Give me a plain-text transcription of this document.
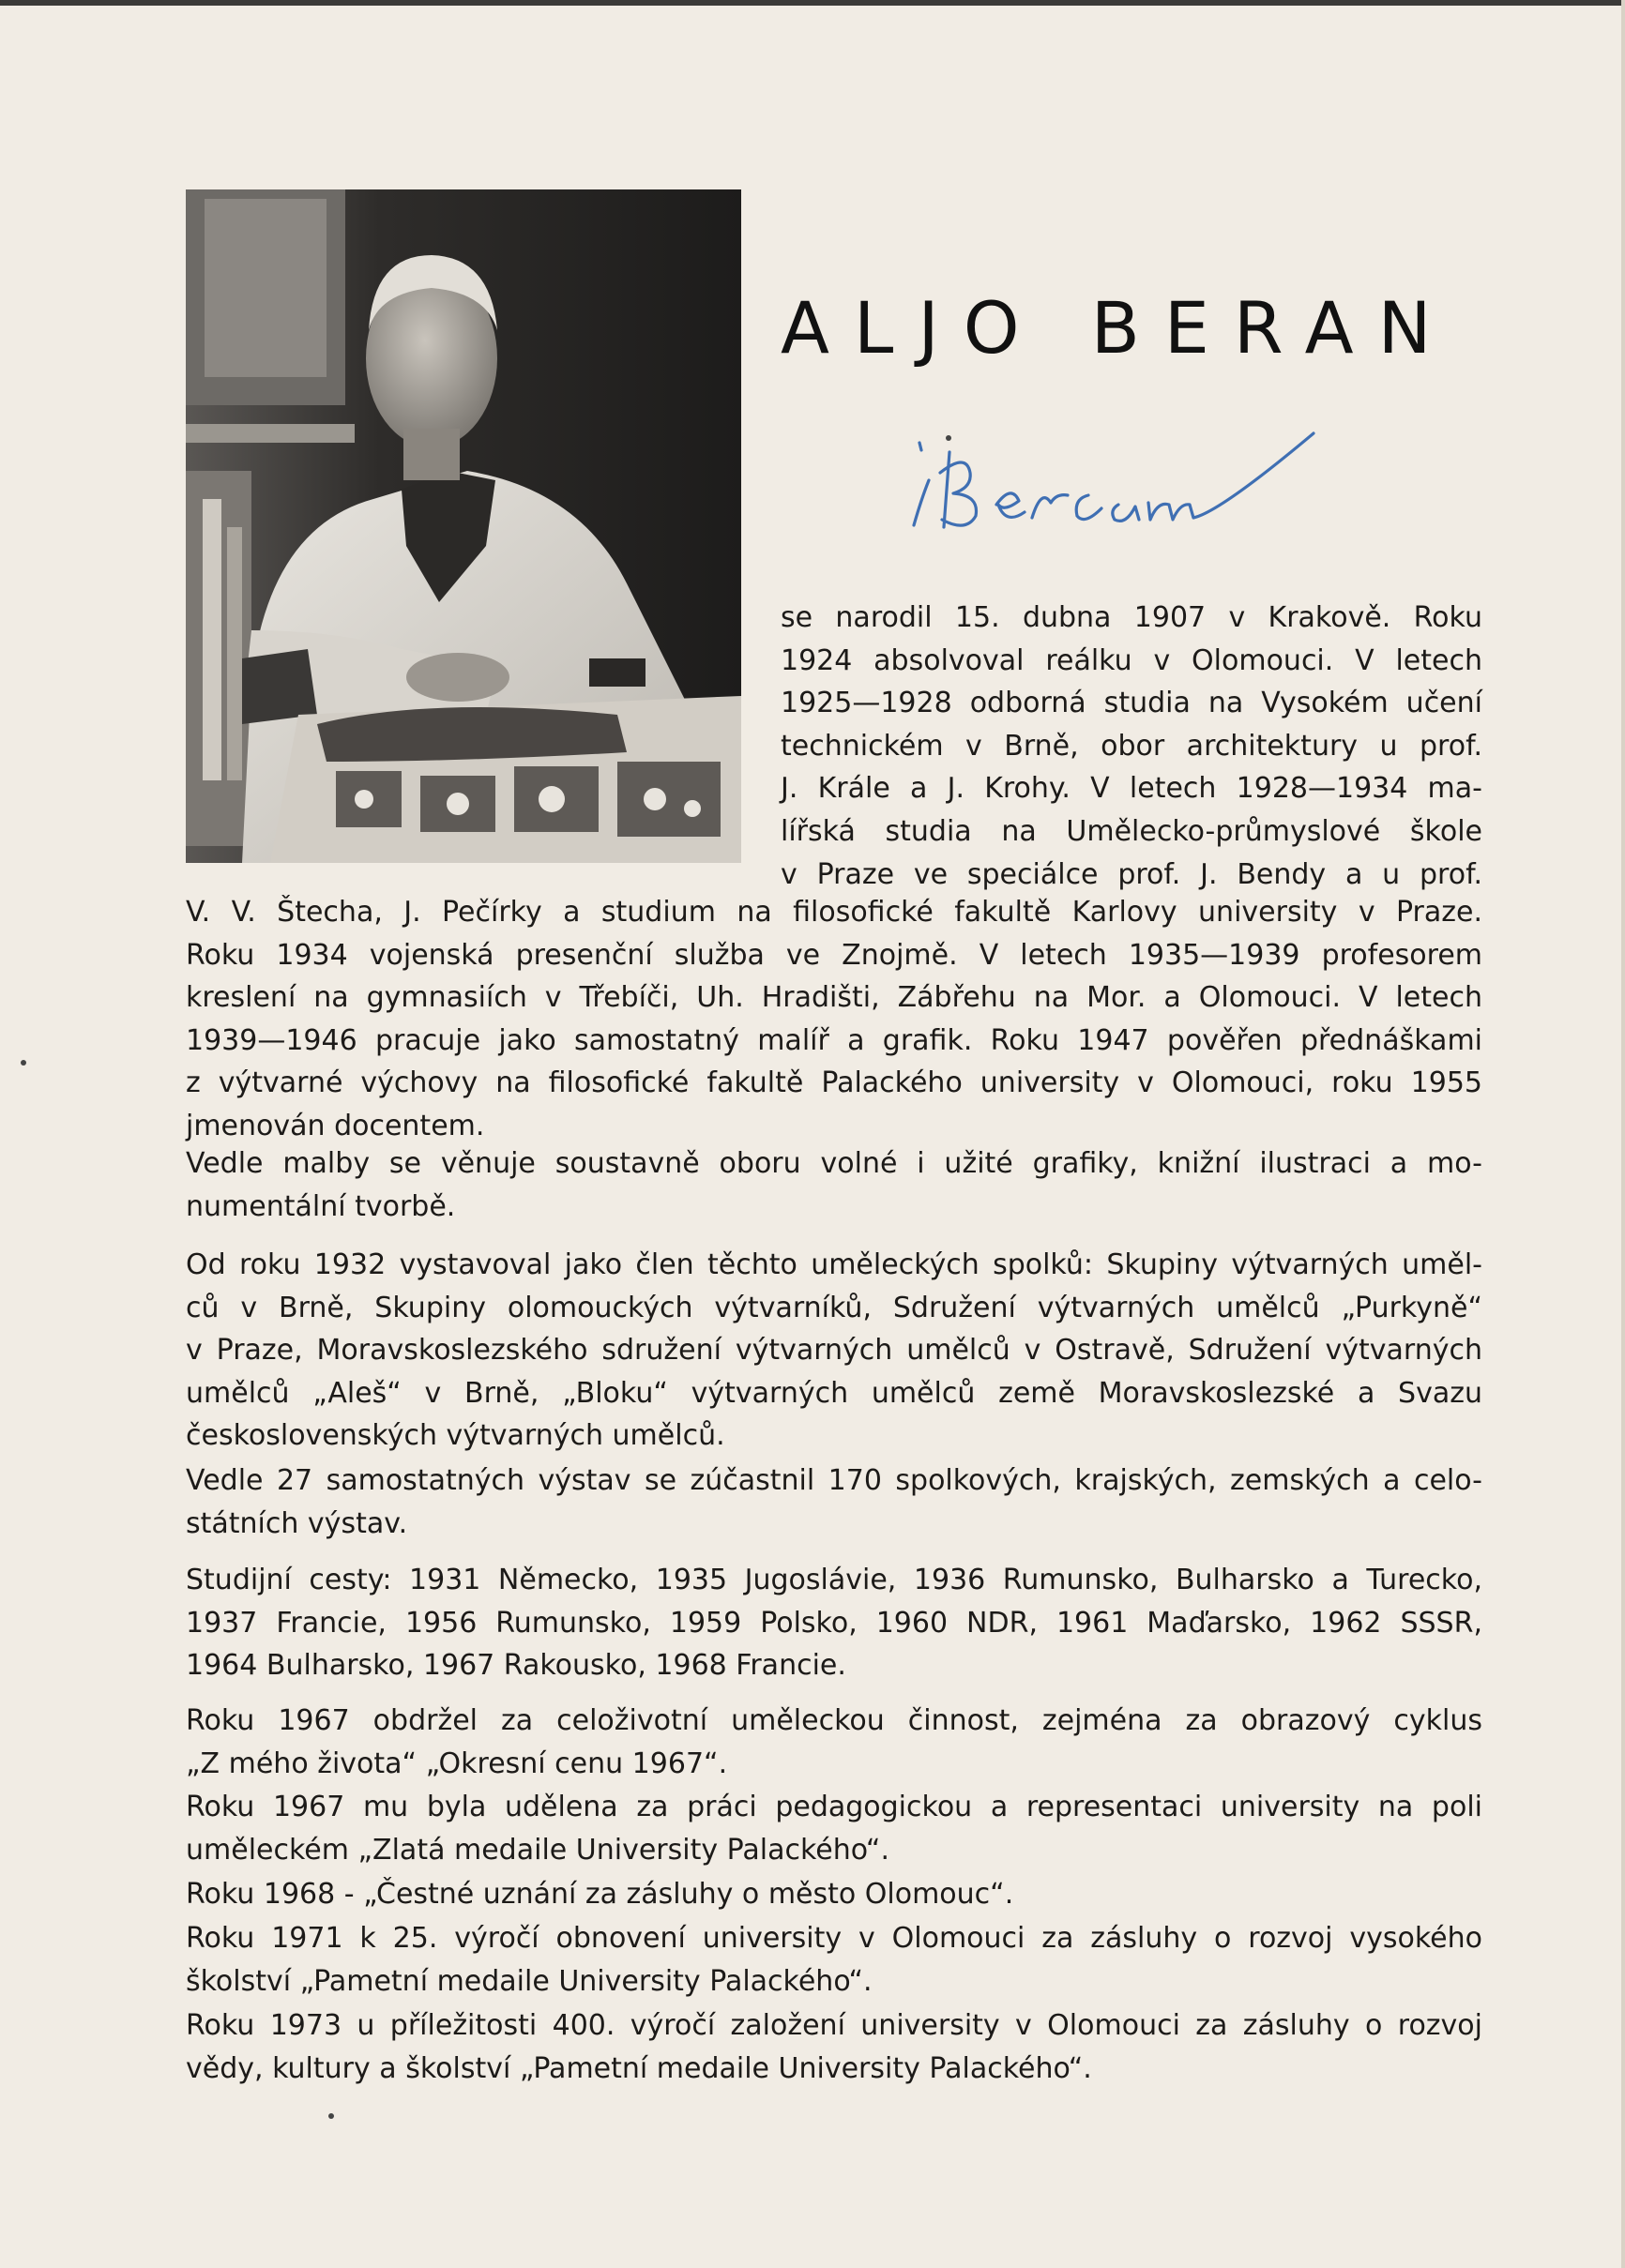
ALJO BERAN
se narodil 15. dubna 1907 v Krakově. Roku
1924 absolvoval reálku v Olomouci. V letech
1925—1928 odborná studia na Vysokém učení
technickém v Brně, obor architektury u prof.
J. Krále a J. Krohy. V letech 1928—1934 ma-
lířská studia na Umělecko-průmyslové škole
v Praze ve speciálce prof. J. Bendy a u prof.
V. V. Štecha, J. Pečírky a studium na filosofické fakultě Karlovy university v Praze.
Roku 1934 vojenská presenční služba ve Znojmě. V letech 1935—1939 profesorem
kreslení na gymnasiích v Třebíči, Uh. Hradišti, Zábřehu na Mor. a Olomouci. V letech
1939—1946 pracuje jako samostatný malíř a grafik. Roku 1947 pověřen přednáškami
z výtvarné výchovy na filosofické fakultě Palackého university v Olomouci, roku 1955
jmenován docentem.
Vedle malby se věnuje soustavně oboru volné i užité grafiky, knižní ilustraci a mo-
numentální tvorbě.
Od roku 1932 vystavoval jako člen těchto uměleckých spolků: Skupiny výtvarných uměl-
ců v Brně, Skupiny olomouckých výtvarníků, Sdružení výtvarných umělců „Purkyně“
v Praze, Moravskoslezského sdružení výtvarných umělců v Ostravě, Sdružení výtvarných
umělců „Aleš“ v Brně, „Bloku“ výtvarných umělců země Moravskoslezské a Svazu
československých výtvarných umělců.
Vedle 27 samostatných výstav se zúčastnil 170 spolkových, krajských, zemských a celo-
státních výstav.
Studijní cesty: 1931 Německo, 1935 Jugoslávie, 1936 Rumunsko, Bulharsko a Turecko,
1937 Francie, 1956 Rumunsko, 1959 Polsko, 1960 NDR, 1961 Maďarsko, 1962 SSSR,
1964 Bulharsko, 1967 Rakousko, 1968 Francie.
Roku 1967 obdržel za celoživotní uměleckou činnost, zejména za obrazový cyklus
„Z mého života“ „Okresní cenu 1967“.
Roku 1967 mu byla udělena za práci pedagogickou a representaci university na poli
uměleckém „Zlatá medaile University Palackého“.
Roku 1968 - „Čestné uznání za zásluhy o město Olomouc“.
Roku 1971 k 25. výročí obnovení university v Olomouci za zásluhy o rozvoj vysokého
školství „Pametní medaile University Palackého“.
Roku 1973 u příležitosti 400. výročí založení university v Olomouci za zásluhy o rozvoj
vědy, kultury a školství „Pametní medaile University Palackého“.
